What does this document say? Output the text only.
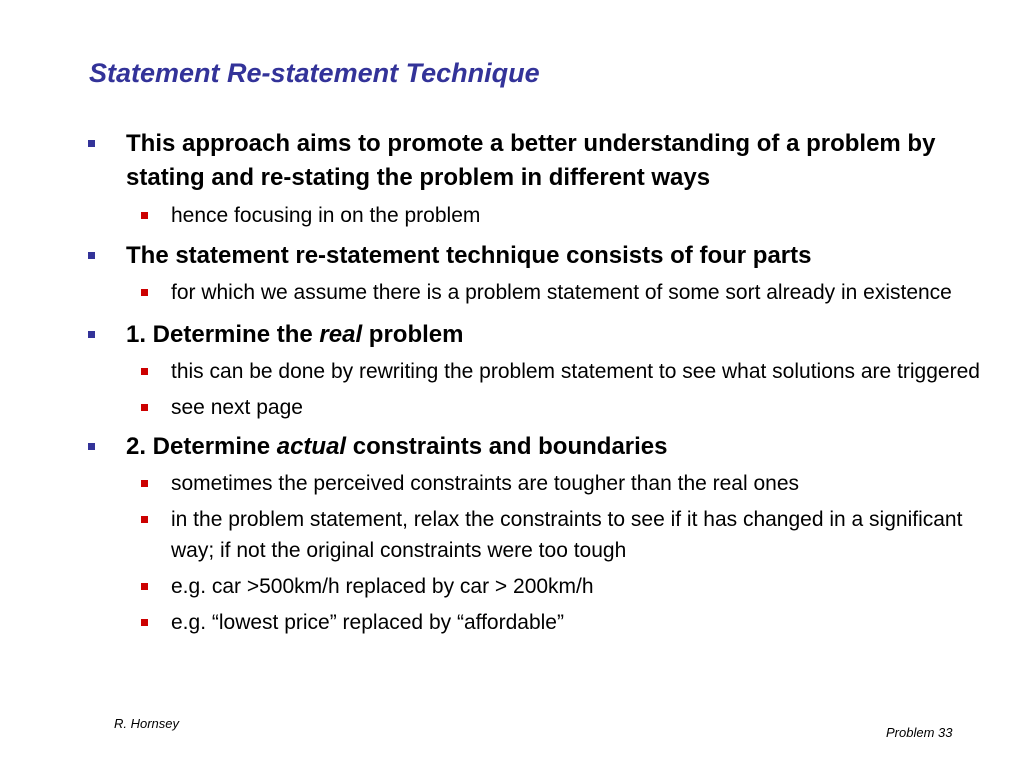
Statement Re-statement Technique
This approach aims to promote a better understanding of a problem by stating and re-stating the problem in different ways
hence focusing in on the problem
The statement re-statement technique consists of four parts
for which we assume there is a problem statement of some sort already in existence
1. Determine the real problem
this can be done by rewriting the problem statement to see what solutions are triggered
see next page
2. Determine actual constraints and boundaries
sometimes the perceived constraints are tougher than the real ones
in the problem statement, relax the constraints to see if it has changed in a significant way; if not the original constraints were too tough
e.g. car >500km/h replaced by car > 200km/h
e.g. “lowest price” replaced by “affordable”
R. Hornsey
Problem 33
